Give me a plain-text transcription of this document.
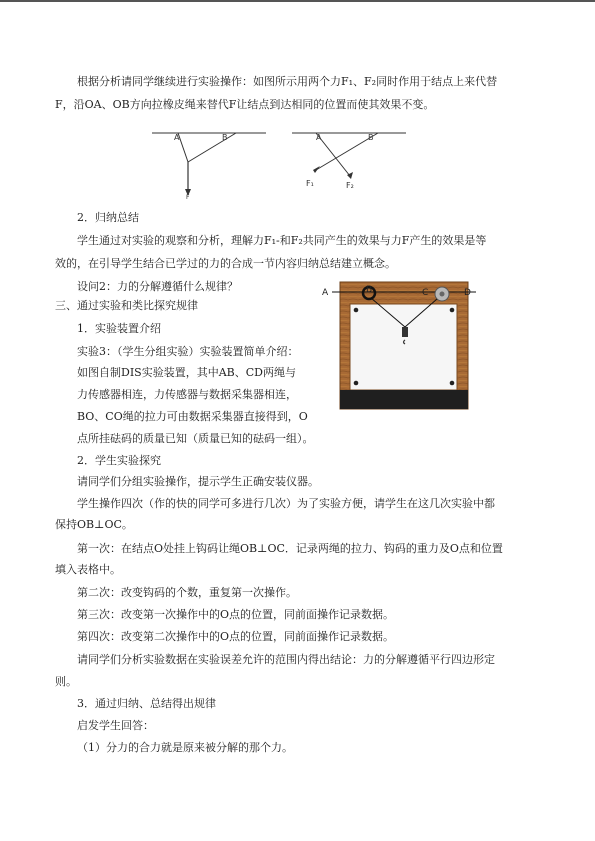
根据分析请同学继续进行实验操作：如图所示用两个力F₁、F₂同时作用于结点上来代替
F，沿OA、OB方向拉橡皮绳来替代F让结点到达相同的位置而使其效果不变。
A	B
F
A	B
F₁	F₂
2．归纳总结
学生通过对实验的观察和分析，理解力F₁-和F₂共同产生的效果与力F产生的效果是等
效的，在引导学生结合已学过的力的合成一节内容归纳总结建立概念。
设问2：力的分解遵循什么规律？
三、通过实验和类比探究规律
1．实验装置介绍
实验3：（学生分组实验）实验装置简单介绍：
如图自制DIS实验装置，其中AB、CD两绳与
力传感器相连，力传感器与数据采集器相连，
BO、CO绳的拉力可由数据采集器直接得到，O
点所挂砝码的质量已知（质量已知的砝码一组）。
A	B	C	D
2．学生实验探究
请同学们分组实验操作，提示学生正确安装仪器。
学生操作四次（作的快的同学可多进行几次）为了实验方便，请学生在这几次实验中都
保持OB⊥OC。
第一次：在结点O处挂上钩码让绳OB⊥OC．记录两绳的拉力、钩码的重力及O点和位置
填入表格中。
第二次：改变钩码的个数，重复第一次操作。
第三次：改变第一次操作中的O点的位置，同前面操作记录数据。
第四次：改变第二次操作中的O点的位置，同前面操作记录数据。
请同学们分析实验数据在实验误差允许的范围内得出结论：力的分解遵循平行四边形定
则。
3．通过归纳、总结得出规律
启发学生回答：
（1）分力的合力就是原来被分解的那个力。
